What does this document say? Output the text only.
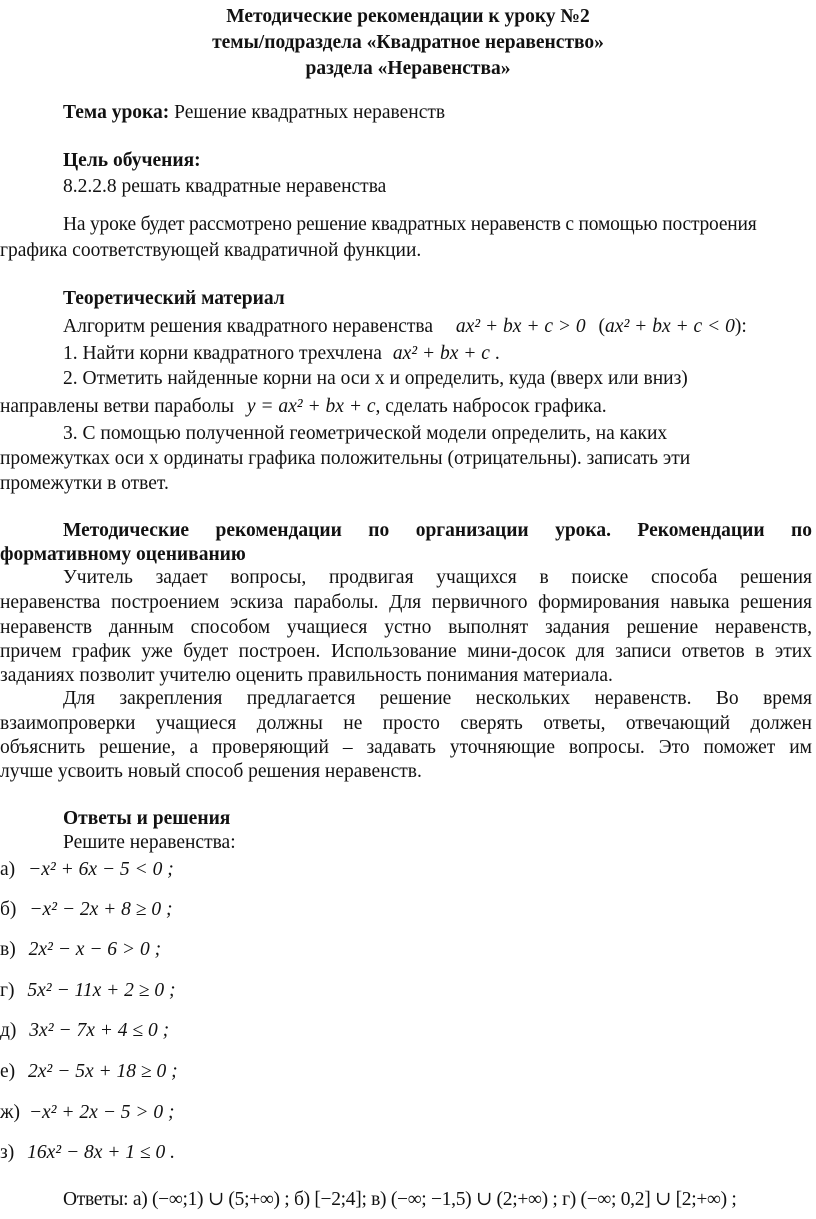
Методические рекомендации к уроку №2
темы/подраздела «Квадратное неравенство»
раздела «Неравенства»
Тема урока: Решение квадратных неравенств
Цель обучения:
8.2.2.8 решать квадратные неравенства
На уроке будет рассмотрено решение квадратных неравенств с помощью построения
графика соответствующей квадратичной функции.
Теоретический материал
Алгоритм решения квадратного неравенства ax² + bx + c > 0 (ax² + bx + c < 0):
1. Найти корни квадратного трехчлена ax² + bx + c .
2. Отметить найденные корни на оси x и определить, куда (вверх или вниз)
направлены ветви параболы y = ax² + bx + c, сделать набросок графика.
3. С помощью полученной геометрической модели определить, на каких
промежутках оси x ординаты графика положительны (отрицательны). записать эти
промежутки в ответ.
Методические рекомендации по организации урока. Рекомендации по
формативному оцениванию
Учитель задает вопросы, продвигая учащихся в поиске способа решения
неравенства построением эскиза параболы. Для первичного формирования навыка решения
неравенств данным способом учащиеся устно выполнят задания решение неравенств,
причем график уже будет построен. Использование мини-досок для записи ответов в этих
заданиях позволит учителю оценить правильность понимания материала.
Для закрепления предлагается решение нескольких неравенств. Во время
взаимопроверки учащиеся должны не просто сверять ответы, отвечающий должен
объяснить решение, а проверяющий – задавать уточняющие вопросы. Это поможет им
лучше усвоить новый способ решения неравенств.
Ответы и решения
Решите неравенства:
а) −x² + 6x − 5 < 0 ;
б) −x² − 2x + 8 ≥ 0 ;
в) 2x² − x − 6 > 0 ;
г) 5x² − 11x + 2 ≥ 0 ;
д) 3x² − 7x + 4 ≤ 0 ;
е) 2x² − 5x + 18 ≥ 0 ;
ж) −x² + 2x − 5 > 0 ;
з) 16x² − 8x + 1 ≤ 0 .
Ответы: а) (−∞;1) ∪ (5;+∞) ; б) [−2;4]; в) (−∞; −1,5) ∪ (2;+∞) ; г) (−∞; 0,2] ∪ [2;+∞) ;
